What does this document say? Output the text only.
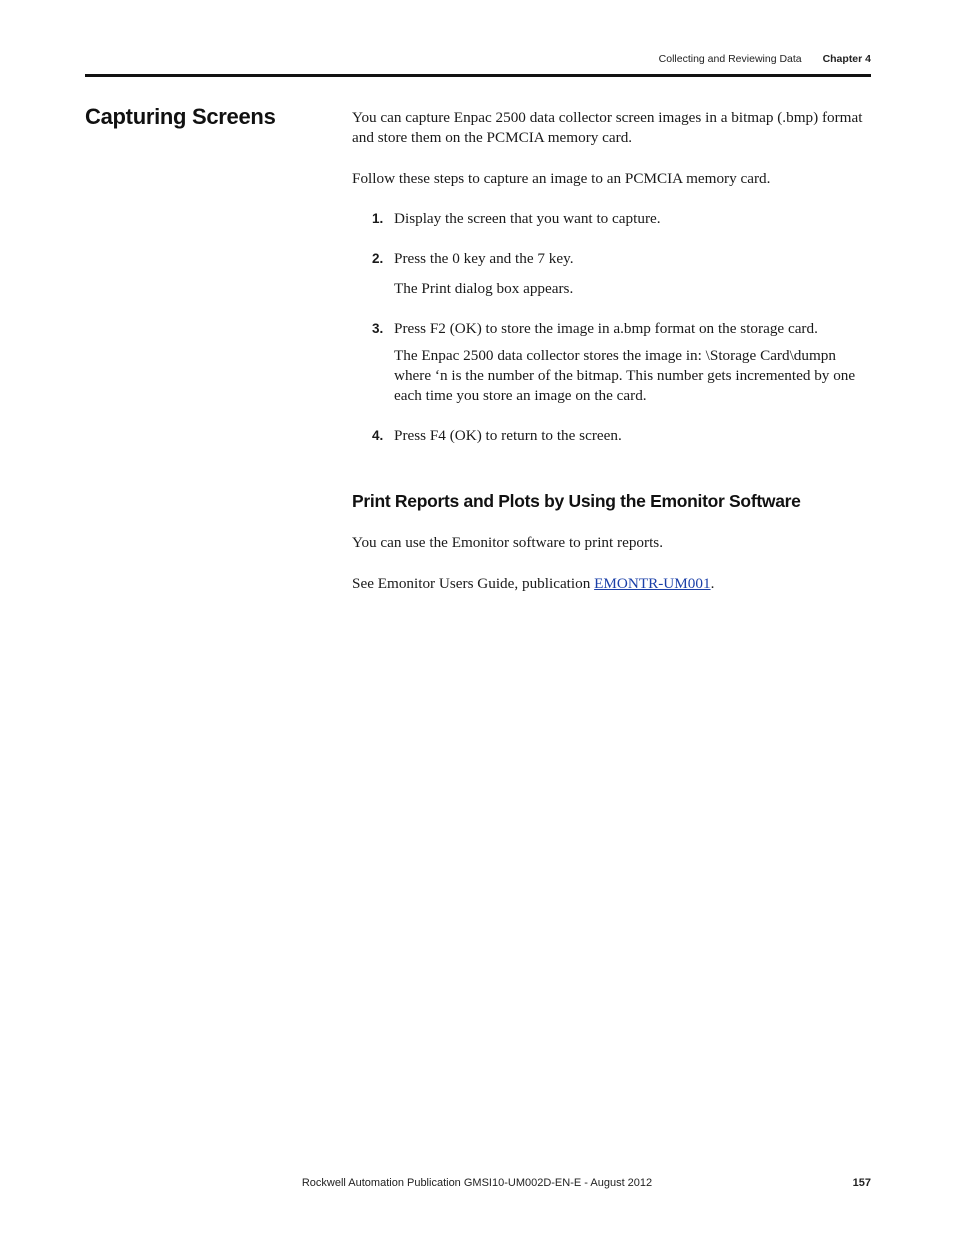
Collecting and Reviewing Data Chapter 4
Capturing Screens	You can capture Enpac 2500 data collector screen images in a bitmap (.bmp) format and store them on the PCMCIA memory card.

Follow these steps to capture an image to an PCMCIA memory card.

1. Display the screen that you want to capture.
2. Press the 0 key and the 7 key.
The Print dialog box appears.
3. Press F2 (OK) to store the image in a.bmp format on the storage card.
The Enpac 2500 data collector stores the image in: \Storage Card\dumpn where ‘n is the number of the bitmap. This number gets incremented by one each time you store an image on the card.
4. Press F4 (OK) to return to the screen.
Print Reports and Plots by Using the Emonitor Software

You can use the Emonitor software to print reports.

See Emonitor Users Guide, publication EMONTR-UM001.

Rockwell Automation Publication GMSI10-UM002D-EN-E - August 2012	157
